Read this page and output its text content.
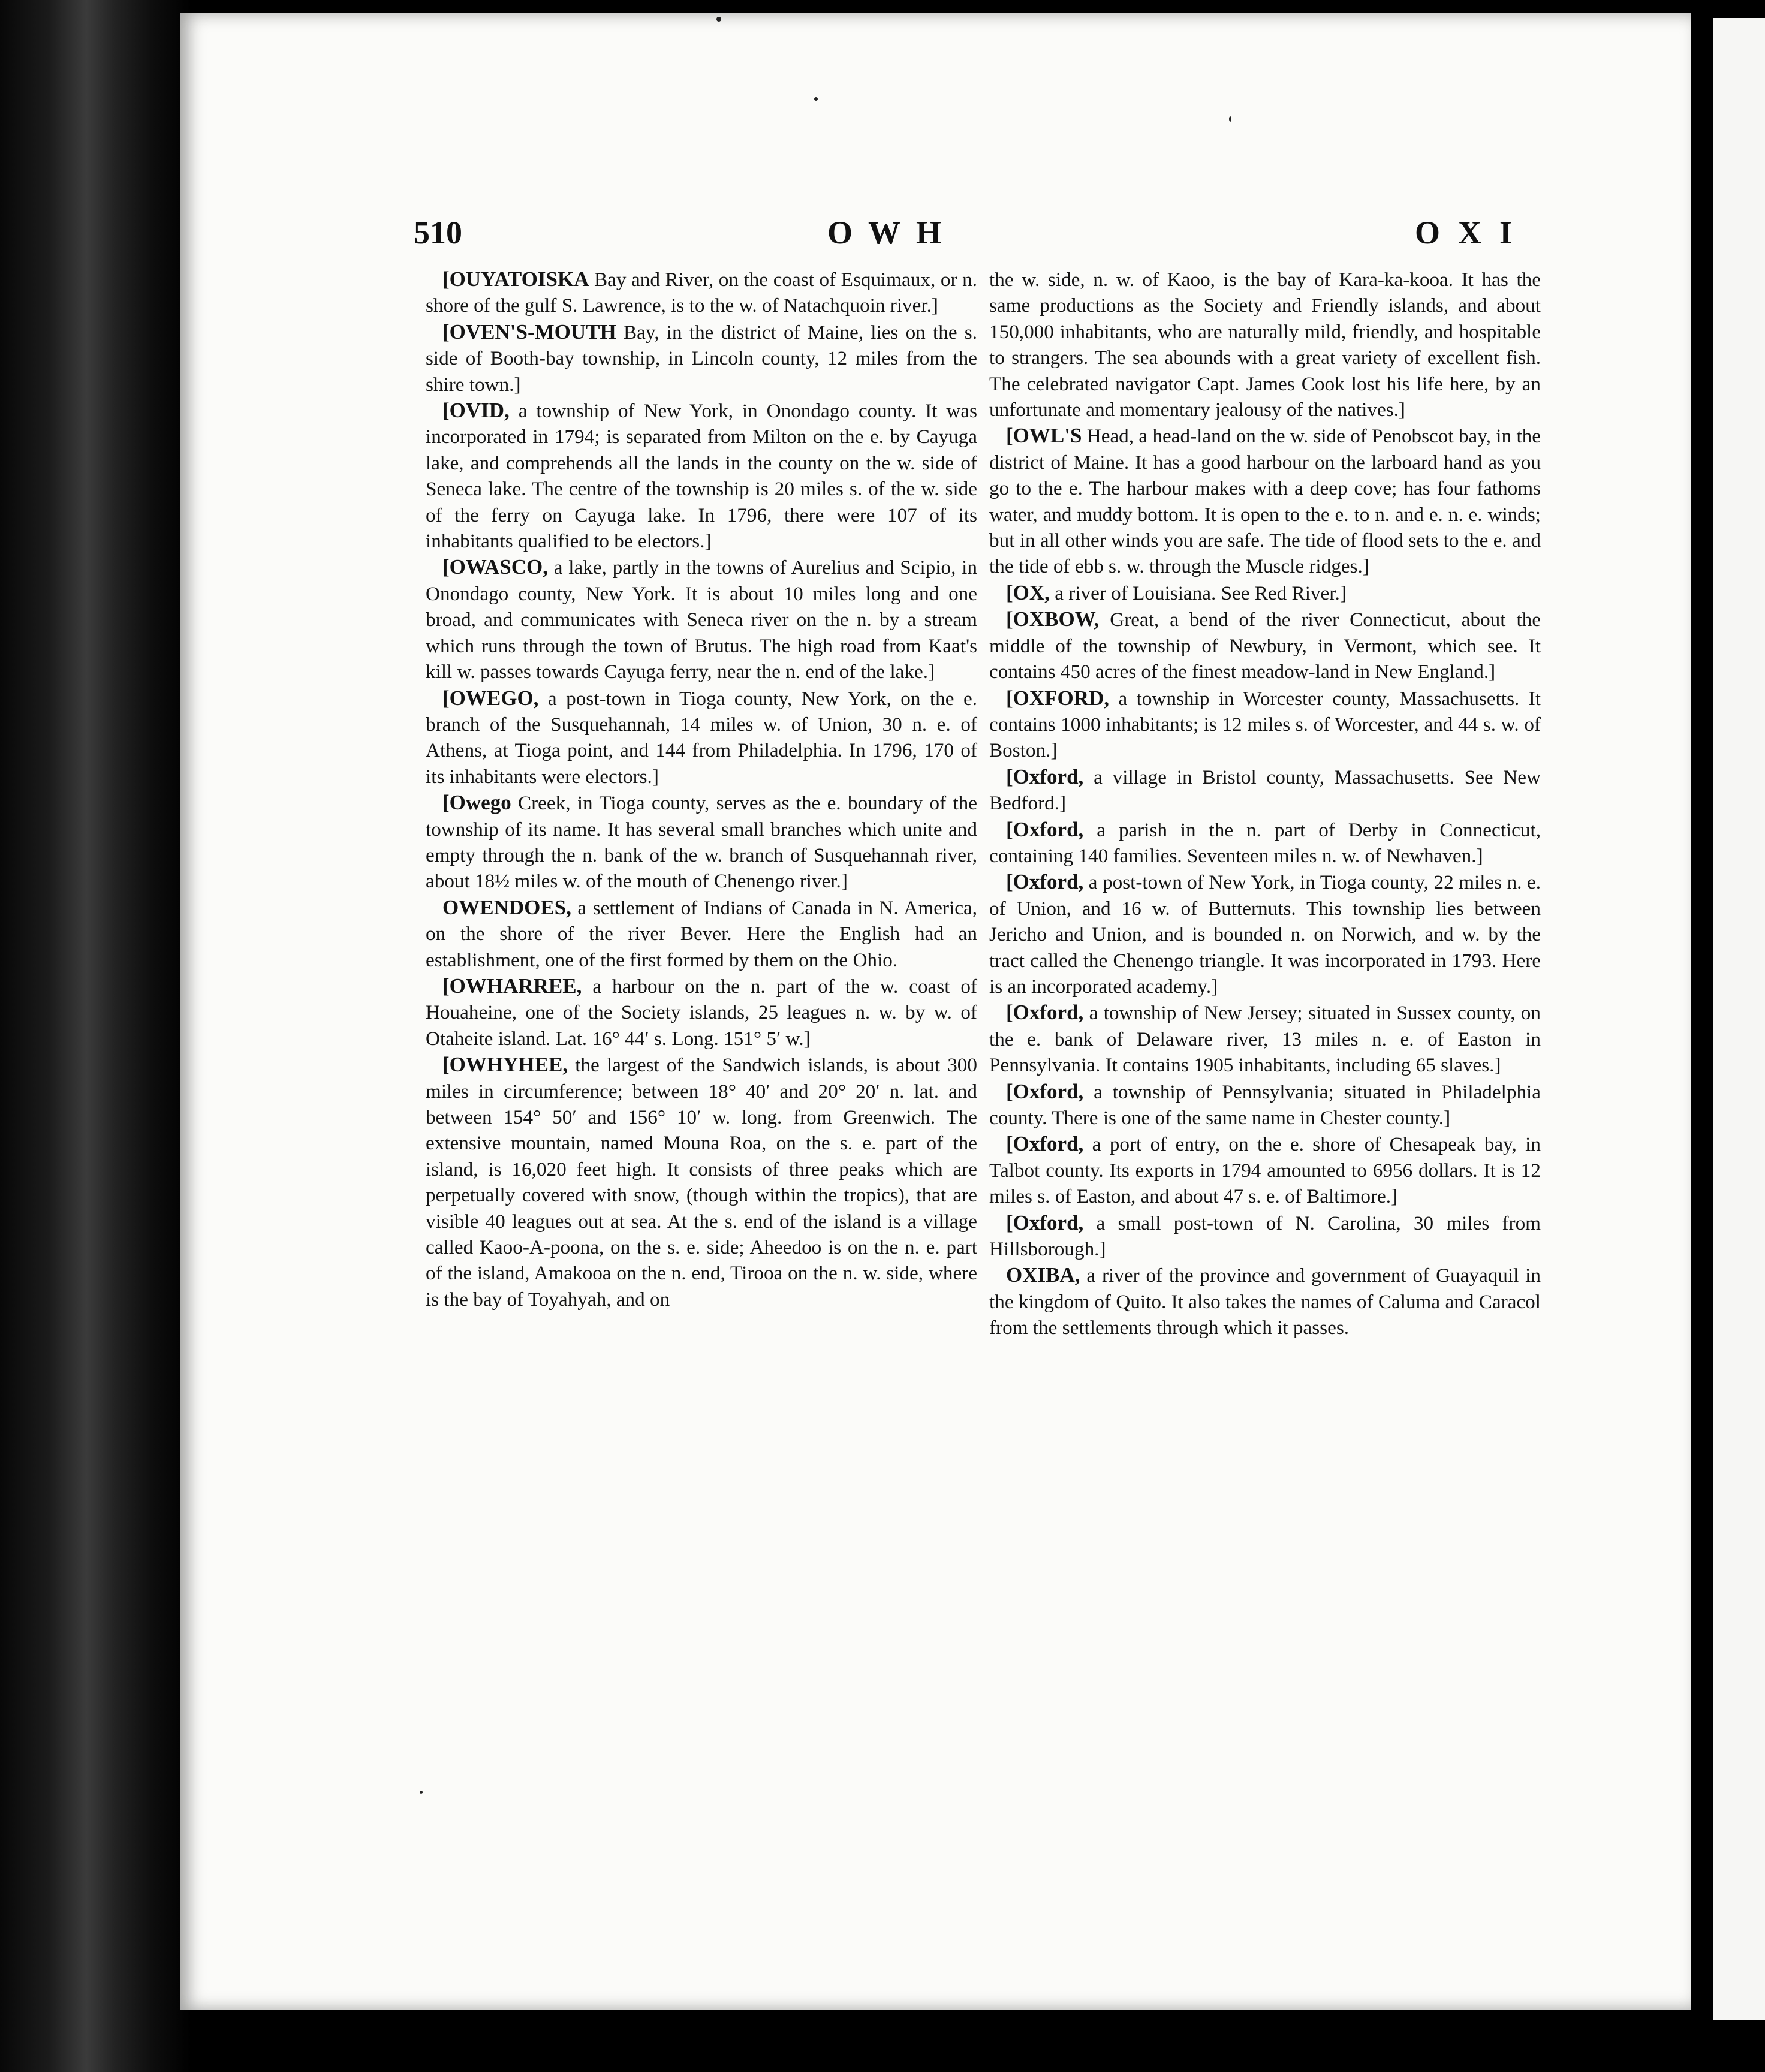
510	OWH	OXI

[OUYATOISKA Bay and River, on the coast of Esquimaux, or n. shore of the gulf S. Lawrence, is to the w. of Natachquoin river.]

[OVEN'S-MOUTH Bay, in the district of Maine, lies on the s. side of Booth-bay township, in Lincoln county, 12 miles from the shire town.]

[OVID, a township of New York, in Onondago county. It was incorporated in 1794; is separated from Milton on the e. by Cayuga lake, and comprehends all the lands in the county on the w. side of Seneca lake. The centre of the township is 20 miles s. of the w. side of the ferry on Cayuga lake. In 1796, there were 107 of its inhabitants qualified to be electors.]

[OWASCO, a lake, partly in the towns of Aurelius and Scipio, in Onondago county, New York. It is about 10 miles long and one broad, and communicates with Seneca river on the n. by a stream which runs through the town of Brutus. The high road from Kaat's kill w. passes towards Cayuga ferry, near the n. end of the lake.]

[OWEGO, a post-town in Tioga county, New York, on the e. branch of the Susquehannah, 14 miles w. of Union, 30 n. e. of Athens, at Tioga point, and 144 from Philadelphia. In 1796, 170 of its inhabitants were electors.]

[Owego Creek, in Tioga county, serves as the e. boundary of the township of its name. It has several small branches which unite and empty through the n. bank of the w. branch of Susquehannah river, about 18½ miles w. of the mouth of Chenengo river.]

OWENDOES, a settlement of Indians of Canada in N. America, on the shore of the river Bever. Here the English had an establishment, one of the first formed by them on the Ohio.

[OWHARREE, a harbour on the n. part of the w. coast of Houaheine, one of the Society islands, 25 leagues n. w. by w. of Otaheite island. Lat. 16° 44′ s. Long. 151° 5′ w.]

[OWHYHEE, the largest of the Sandwich islands, is about 300 miles in circumference; between 18° 40′ and 20° 20′ n. lat. and between 154° 50′ and 156° 10′ w. long. from Greenwich. The extensive mountain, named Mouna Roa, on the s. e. part of the island, is 16,020 feet high. It consists of three peaks which are perpetually covered with snow, (though within the tropics), that are visible 40 leagues out at sea. At the s. end of the island is a village called Kaoo-A-poona, on the s. e. side; Aheedoo is on the n. e. part of the island, Amakooa on the n. end, Tirooa on the n. w. side, where is the bay of Toyahyah, and on

the w. side, n. w. of Kaoo, is the bay of Kara-ka-kooa. It has the same productions as the Society and Friendly islands, and about 150,000 inhabitants, who are naturally mild, friendly, and hospitable to strangers. The sea abounds with a great variety of excellent fish. The celebrated navigator Capt. James Cook lost his life here, by an unfortunate and momentary jealousy of the natives.]

[OWL'S Head, a head-land on the w. side of Penobscot bay, in the district of Maine. It has a good harbour on the larboard hand as you go to the e. The harbour makes with a deep cove; has four fathoms water, and muddy bottom. It is open to the e. to n. and e. n. e. winds; but in all other winds you are safe. The tide of flood sets to the e. and the tide of ebb s. w. through the Muscle ridges.]

[OX, a river of Louisiana. See Red River.]

[OXBOW, Great, a bend of the river Connecticut, about the middle of the township of Newbury, in Vermont, which see. It contains 450 acres of the finest meadow-land in New England.]

[OXFORD, a township in Worcester county, Massachusetts. It contains 1000 inhabitants; is 12 miles s. of Worcester, and 44 s. w. of Boston.]

[Oxford, a village in Bristol county, Massachusetts. See New Bedford.]

[Oxford, a parish in the n. part of Derby in Connecticut, containing 140 families. Seventeen miles n. w. of Newhaven.]

[Oxford, a post-town of New York, in Tioga county, 22 miles n. e. of Union, and 16 w. of Butternuts. This township lies between Jericho and Union, and is bounded n. on Norwich, and w. by the tract called the Chenengo triangle. It was incorporated in 1793. Here is an incorporated academy.]

[Oxford, a township of New Jersey; situated in Sussex county, on the e. bank of Delaware river, 13 miles n. e. of Easton in Pennsylvania. It contains 1905 inhabitants, including 65 slaves.]

[Oxford, a township of Pennsylvania; situated in Philadelphia county. There is one of the same name in Chester county.]

[Oxford, a port of entry, on the e. shore of Chesapeak bay, in Talbot county. Its exports in 1794 amounted to 6956 dollars. It is 12 miles s. of Easton, and about 47 s. e. of Baltimore.]

[Oxford, a small post-town of N. Carolina, 30 miles from Hillsborough.]

OXIBA, a river of the province and government of Guayaquil in the kingdom of Quito. It also takes the names of Caluma and Caracol from the settlements through which it passes.
